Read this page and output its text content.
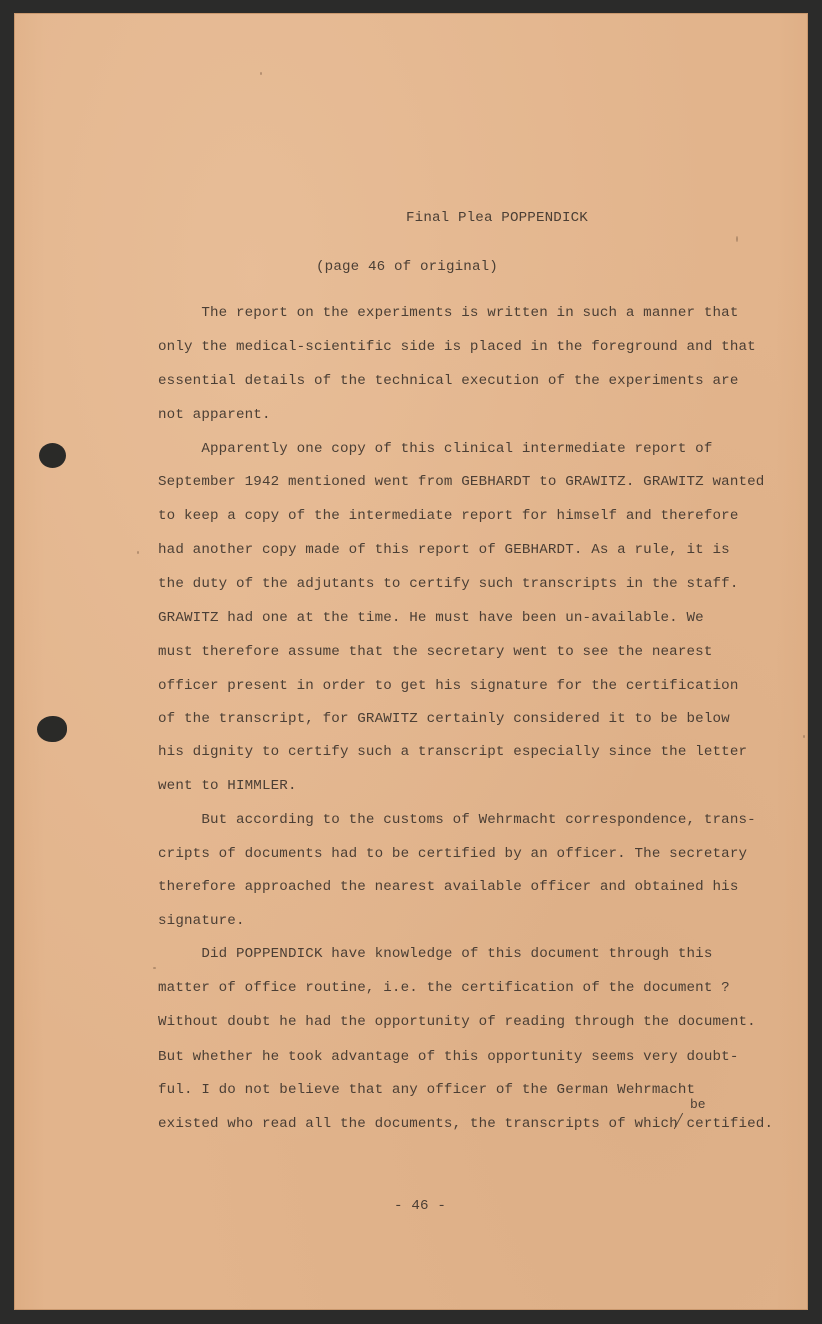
Final Plea POPPENDICK
(page 46 of original)
The report on the experiments is written in such a manner that
only the medical-scientific side is placed in the foreground and that
essential details of the technical execution of the experiments are
not apparent.
Apparently one copy of this clinical intermediate report of
September 1942 mentioned went from GEBHARDT to GRAWITZ. GRAWITZ wanted
to keep a copy of the intermediate report for himself and therefore
had another copy made of this report of GEBHARDT. As a rule, it is
the duty of the adjutants to certify such transcripts in the staff.
GRAWITZ had one at the time. He must have been un-available. We
must therefore assume that the secretary went to see the nearest
officer present in order to get his signature for the certification
of the transcript, for GRAWITZ certainly considered it to be below
his dignity to certify such a transcript especially since the letter
went to HIMMLER.
But according to the customs of Wehrmacht correspondence, trans-
cripts of documents had to be certified by an officer. The secretary
therefore approached the nearest available officer and obtained his
signature.
Did POPPENDICK have knowledge of this document through this
matter of office routine, i.e. the certification of the document ?
Without doubt he had the opportunity of reading through the document.
But whether he took advantage of this opportunity seems very doubt-
ful. I do not believe that any officer of the German Wehrmacht
existed who read all the documents, the transcripts of which certified.
be
- 46 -
